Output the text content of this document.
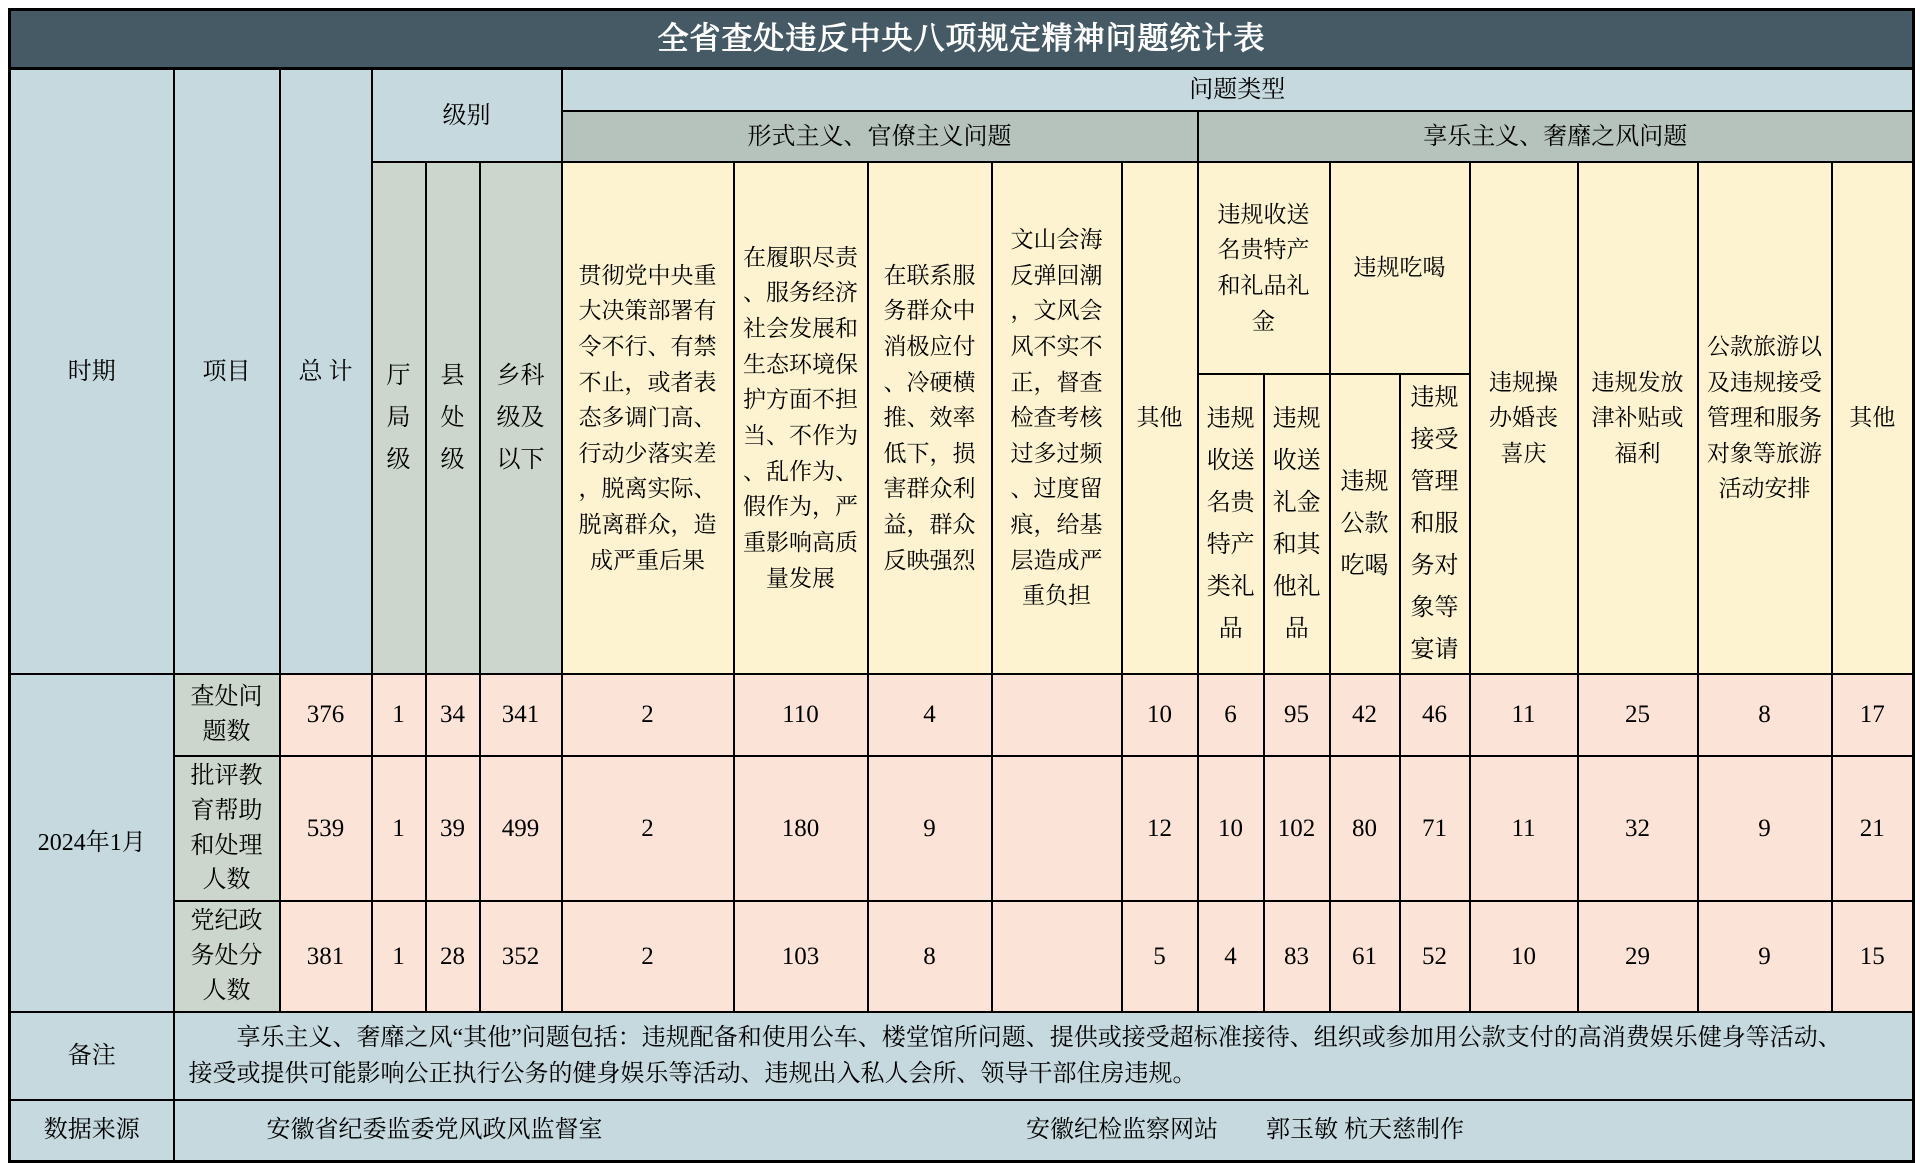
全省查处违反中央八项规定精神问题统计表																		
时期	项目	总 计	级别			问题类型												
						形式主义、官僚主义问题					享乐主义、奢靡之风问题							
			厅局级	县处级	乡科级及以下	贯彻党中央重大决策部署有令不行、有禁不止，或者表态多调门高、行动少落实差，脱离实际、脱离群众，造成严重后果	在履职尽责、服务经济社会发展和生态环境保护方面不担当、不作为、乱作为、假作为，严重影响高质量发展	在联系服务群众中消极应付、冷硬横推、效率低下，损害群众利益，群众反映强烈	文山会海反弹回潮，文风会风不实不正，督查检查考核过多过频、过度留痕，给基层造成严重负担	其他	违规收送名贵特产和礼品礼金		违规吃喝		违规操办婚丧喜庆	违规发放津补贴或福利	公款旅游以及违规接受管理和服务对象等旅游活动安排	其他
											违规收送名贵特产类礼品	违规收送礼金和其他礼品	违规公款吃喝	违规接受管理和服务对象等宴请				
2024年1月	查处问题数	376	1	34	341	2	110	4		10	6	95	42	46	11	25	8	17
	批评教育帮助和处理人数	539	1	39	499	2	180	9		12	10	102	80	71	11	32	9	21
	党纪政务处分人数	381	1	28	352	2	103	8		5	4	83	61	52	10	29	9	15
备注	享乐主义、奢靡之风“其他”问题包括：违规配备和使用公车、楼堂馆所问题、提供或接受超标准接待、组织或参加用公款支付的高消费娱乐健身等活动、
接受或提供可能影响公正执行公务的健身娱乐等活动、违规出入私人会所、领导干部住房违规。																	

数据来源	安徽省纪委监委党风政风监督室 安徽纪检监察网站　　郭玉敏 杭天慈制作																	
